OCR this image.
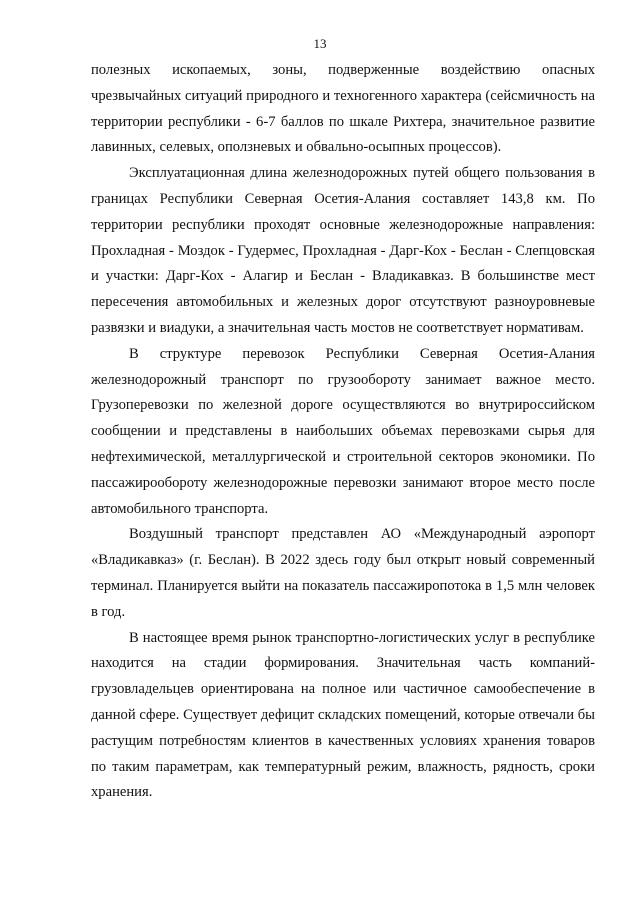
13

полезных ископаемых, зоны, подверженные воздействию опасных чрезвычайных ситуаций природного и техногенного характера (сейсмичность на территории республики - 6-7 баллов по шкале Рихтера, значительное развитие лавинных, селевых, оползневых и обвально-осыпных процессов).

Эксплуатационная длина железнодорожных путей общего пользования в границах Республики Северная Осетия-Алания составляет 143,8 км. По территории республики проходят основные железнодорожные направления: Прохладная - Моздок - Гудермес, Прохладная - Дарг-Кох - Беслан - Слепцовская и участки: Дарг-Кох - Алагир и Беслан - Владикавказ. В большинстве мест пересечения автомобильных и железных дорог отсутствуют разноуровневые развязки и виадуки, а значительная часть мостов не соответствует нормативам.

В структуре перевозок Республики Северная Осетия-Алания железнодорожный транспорт по грузообороту занимает важное место. Грузоперевозки по железной дороге осуществляются во внутрироссийском сообщении и представлены в наибольших объемах перевозками сырья для нефтехимической, металлургической и строительной секторов экономики. По пассажирообороту железнодорожные перевозки занимают второе место после автомобильного транспорта.

Воздушный транспорт представлен АО «Международный аэропорт «Владикавказ» (г. Беслан). В 2022 здесь году был открыт новый современный терминал. Планируется выйти на показатель пассажиропотока в 1,5 млн человек в год.

В настоящее время рынок транспортно-логистических услуг в республике находится на стадии формирования. Значительная часть компаний-грузовладельцев ориентирована на полное или частичное самообеспечение в данной сфере. Существует дефицит складских помещений, которые отвечали бы растущим потребностям клиентов в качественных условиях хранения товаров по таким параметрам, как температурный режим, влажность, рядность, сроки хранения.
